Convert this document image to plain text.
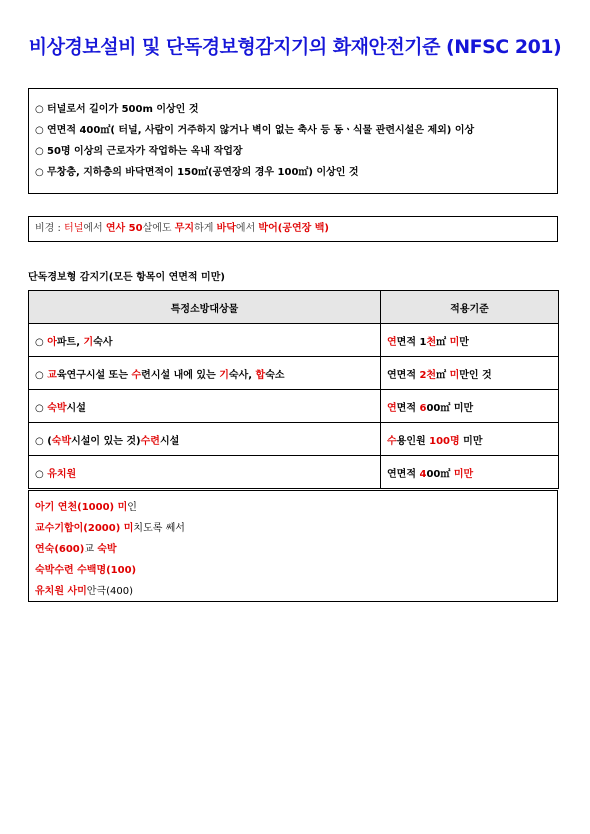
비상경보설비 및 단독경보형감지기의 화재안전기준 (NFSC 201)
○ 터널로서 길이가 500m 이상인 것
○ 연면적 400㎡( 터널, 사람이 거주하지 않거나 벽이 없는 축사 등 동ㆍ식물 관련시설은 제외) 이상
○ 50명 이상의 근로자가 작업하는 옥내 작업장
○ 무창층, 지하층의 바닥면적이 150㎡(공연장의 경우 100㎡) 이상인 것
비경 : 터널에서 연사 50살에도 무지하게 바닥에서 박어(공연장 백)
단독경보형 감지기(모든 항목이 연면적 미만)
특정소방대상물	적용기준
○ 아파트, 기숙사	연면적 1천㎡ 미만
○ 교육연구시설 또는 수련시설 내에 있는 기숙사, 합숙소	연면적 2천㎡ 미만인 것
○ 숙박시설	연면적 600㎡ 미만
○ (숙박시설이 있는 것)수련시설	수용인원 100명 미만
○ 유치원	연면적 400㎡ 미만
아기 연천(1000) 미인
교수기합이(2000) 미치도록 쎄서
연숙(600)교 숙박
숙박수련 수백명(100)
유치원 사미안극(400)
